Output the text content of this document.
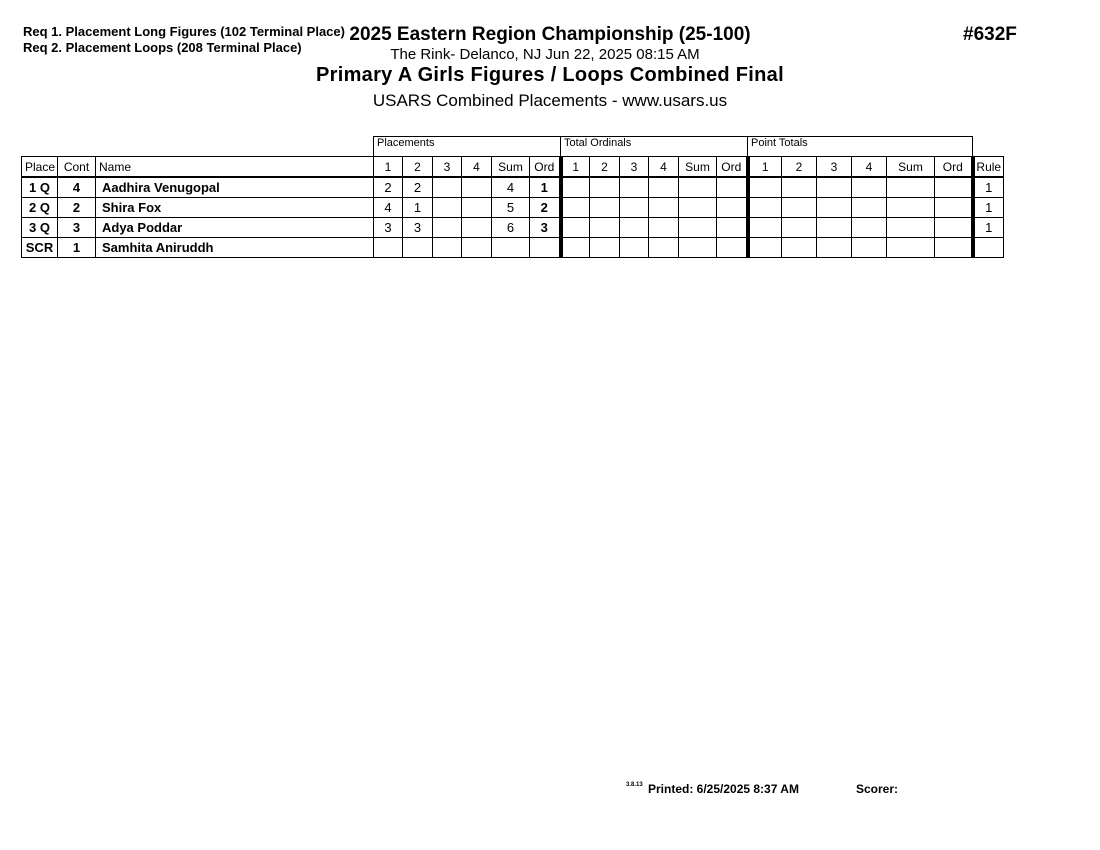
Req 1. Placement Long Figures (102 Terminal Place)
Req 2. Placement Loops (208 Terminal Place)
2025 Eastern Region Championship (25-100)
The Rink- Delanco, NJ Jun 22, 2025 08:15 AM
#632F
Primary A Girls Figures / Loops Combined Final
USARS Combined Placements - www.usars.us
			Placements						Total Ordinals						Point Totals						
Place	Cont	Name	1	2	3	4	Sum	Ord	1	2	3	4	Sum	Ord	1	2	3	4	Sum	Ord	Rule
1 Q	4	Aadhira Venugopal	2	2			4	1													1
2 Q	2	Shira Fox	4	1			5	2													1
3 Q	3	Adya Poddar	3	3			6	3													1
SCR	1	Samhita Aniruddh																			
3.8.13 Printed: 6/25/2025 8:37 AM	Scorer:
